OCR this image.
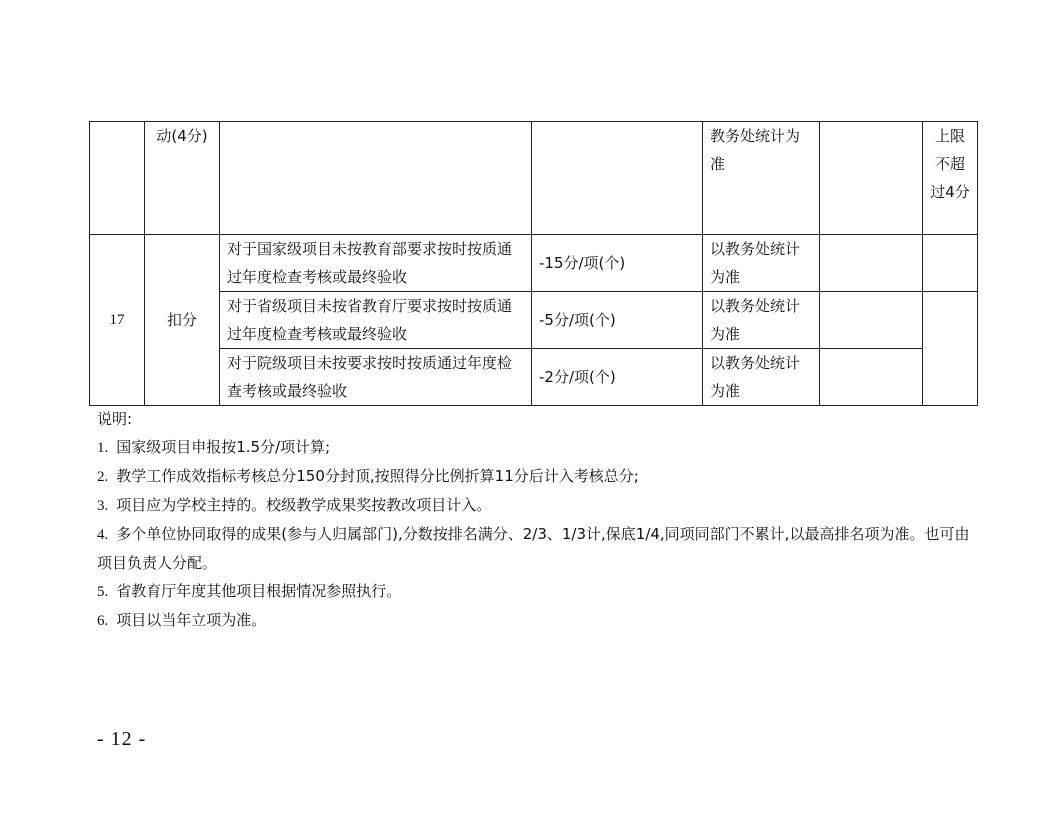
	动(4分)			教务处统计为准		上限不超过4分
17	扣分	对于国家级项目未按教育部要求按时按质通过年度检查考核或最终验收	-15分/项(个)	以教务处统计为准		
		对于省级项目未按省教育厅要求按时按质通过年度检查考核或最终验收	-5分/项(个)	以教务处统计为准		
		对于院级项目未按要求按时按质通过年度检查考核或最终验收	-2分/项(个)	以教务处统计为准		

说明:

1. 国家级项目申报按1.5分/项计算;

2. 教学工作成效指标考核总分150分封顶,按照得分比例折算11分后计入考核总分;

3. 项目应为学校主持的。校级教学成果奖按教改项目计入。

4. 多个单位协同取得的成果(参与人归属部门),分数按排名满分、2/3、1/3计,保底1/4,同项同部门不累计,以最高排名项为准。也可由项目负责人分配。

5. 省教育厅年度其他项目根据情况参照执行。

6. 项目以当年立项为准。

- 12 -
